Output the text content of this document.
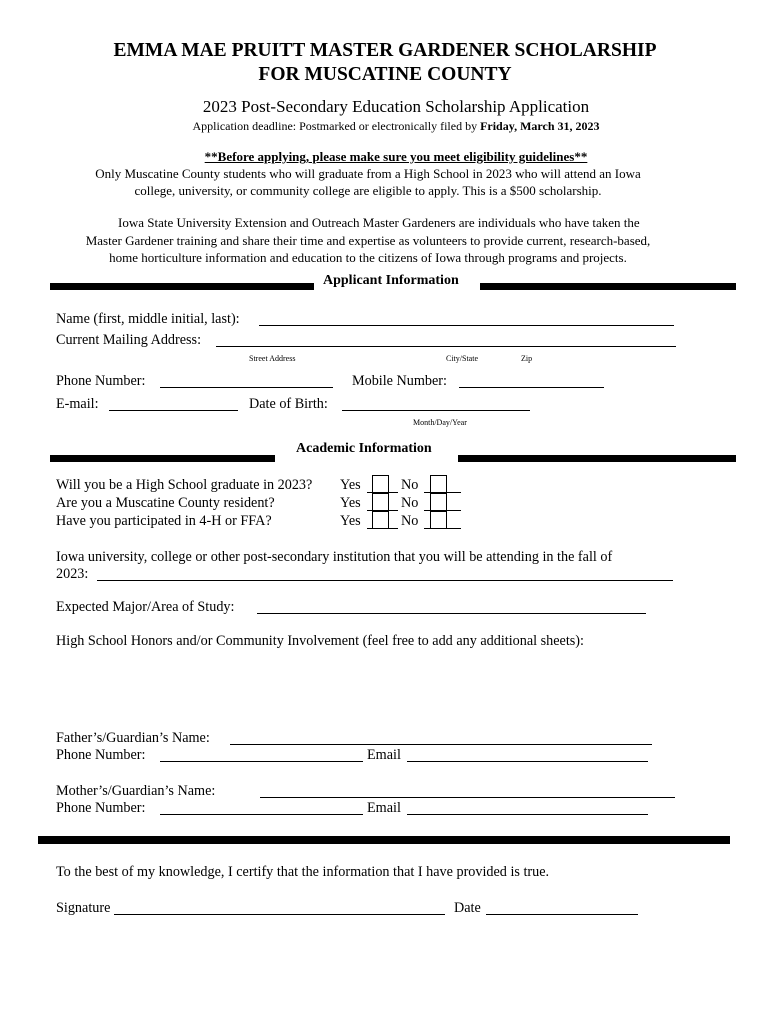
EMMA MAE PRUITT MASTER GARDENER SCHOLARSHIP
FOR MUSCATINE COUNTY
2023 Post-Secondary Education Scholarship Application
Application deadline: Postmarked or electronically filed by Friday, March 31, 2023
**Before applying, please make sure you meet eligibility guidelines**
Only Muscatine County students who will graduate from a High School in 2023 who will attend an Iowa
college, university, or community college are eligible to apply. This is a $500 scholarship.
Iowa State University Extension and Outreach Master Gardeners are individuals who have taken the
Master Gardener training and share their time and expertise as volunteers to provide current, research-based,
home horticulture information and education to the citizens of Iowa through programs and projects.
Applicant Information
Name (first, middle initial, last):
Current Mailing Address:
Street Address	City/State	Zip
Phone Number:	Mobile Number:
E-mail:	Date of Birth:
Month/Day/Year
Academic Information
Will you be a High School graduate in 2023? Yes	No
Are you a Muscatine County resident?	Yes	No
Have you participated in 4-H or FFA?	Yes	No
Iowa university, college or other post-secondary institution that you will be attending in the fall of
2023:
Expected Major/Area of Study:
High School Honors and/or Community Involvement (feel free to add any additional sheets):
Father’s/Guardian’s Name:
Phone Number:	Email
Mother’s/Guardian’s Name:
Phone Number:	Email
To the best of my knowledge, I certify that the information that I have provided is true.
Signature	Date
